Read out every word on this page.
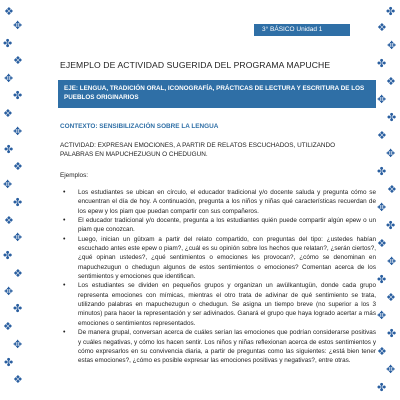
❖
✥
✤
❖
✥
✤
❖
✥
✤
❖
✥
✤
❖
✥
✤
❖
✥
✤
❖
✥
✤
❖
✤
❖
✥
✤
❖
✥
✤
❖
✥
✤
❖
✥
✤
❖
✥
✤
❖
✥
✤
❖
✥
✤
3° BÁSICO Unidad 1
EJEMPLO DE ACTIVIDAD SUGERIDA DEL PROGRAMA MAPUCHE
EJE: LENGUA, TRADICIÓN ORAL, ICONOGRAFÍA, PRÁCTICAS DE LECTURA Y ESCRITURA DE LOS PUEBLOS ORIGINARIOS
CONTEXTO: SENSIBILIZACIÓN SOBRE LA LENGUA
ACTIVIDAD: EXPRESAN EMOCIONES, A PARTIR DE RELATOS ESCUCHADOS, UTILIZANDO PALABRAS EN MAPUCHEZUGUN O CHEDUGUN.
Ejemplos:
• Los estudiantes se ubican en círculo, el educador tradicional y/o docente saluda y pregunta cómo se encuentran el día de hoy. A continuación, pregunta a los niños y niñas qué características recuerdan de los epew y los piam que puedan compartir con sus compañeros.
• El educador tradicional y/o docente, pregunta a los estudiantes quién puede compartir algún epew o un piam que conozcan.
• Luego, inician un gütxam a partir del relato compartido, con preguntas del tipo: ¿ustedes habían escuchado antes este epew o piam?, ¿cuál es su opinión sobre los hechos que relatan?, ¿serán ciertos?, ¿qué opinan ustedes?, ¿qué sentimientos o emociones les provocan?, ¿cómo se denominan en mapuchezugun o chedugun algunos de estos sentimientos o emociones? Comentan acerca de los sentimientos y emociones que identifican.
• Los estudiantes se dividen en pequeños grupos y organizan un awülkantugün, donde cada grupo representa emociones con mímicas, mientras el otro trata de adivinar de qué sentimiento se trata, utilizando palabras en mapuchezugun o chedugun. Se asigna un tiempo breve (no superior a los 3 minutos) para hacer la representación y ser adivinados. Ganará el grupo que haya logrado acertar a más emociones o sentimientos representados.
• De manera grupal, conversan acerca de cuáles serían las emociones que podrían considerarse positivas y cuáles negativas, y cómo los hacen sentir. Los niños y niñas reflexionan acerca de estos sentimientos y cómo expresarlos en su convivencia diaria, a partir de preguntas como las siguientes: ¿está bien tener estas emociones?, ¿cómo es posible expresar las emociones positivas y negativas?, entre otras.
